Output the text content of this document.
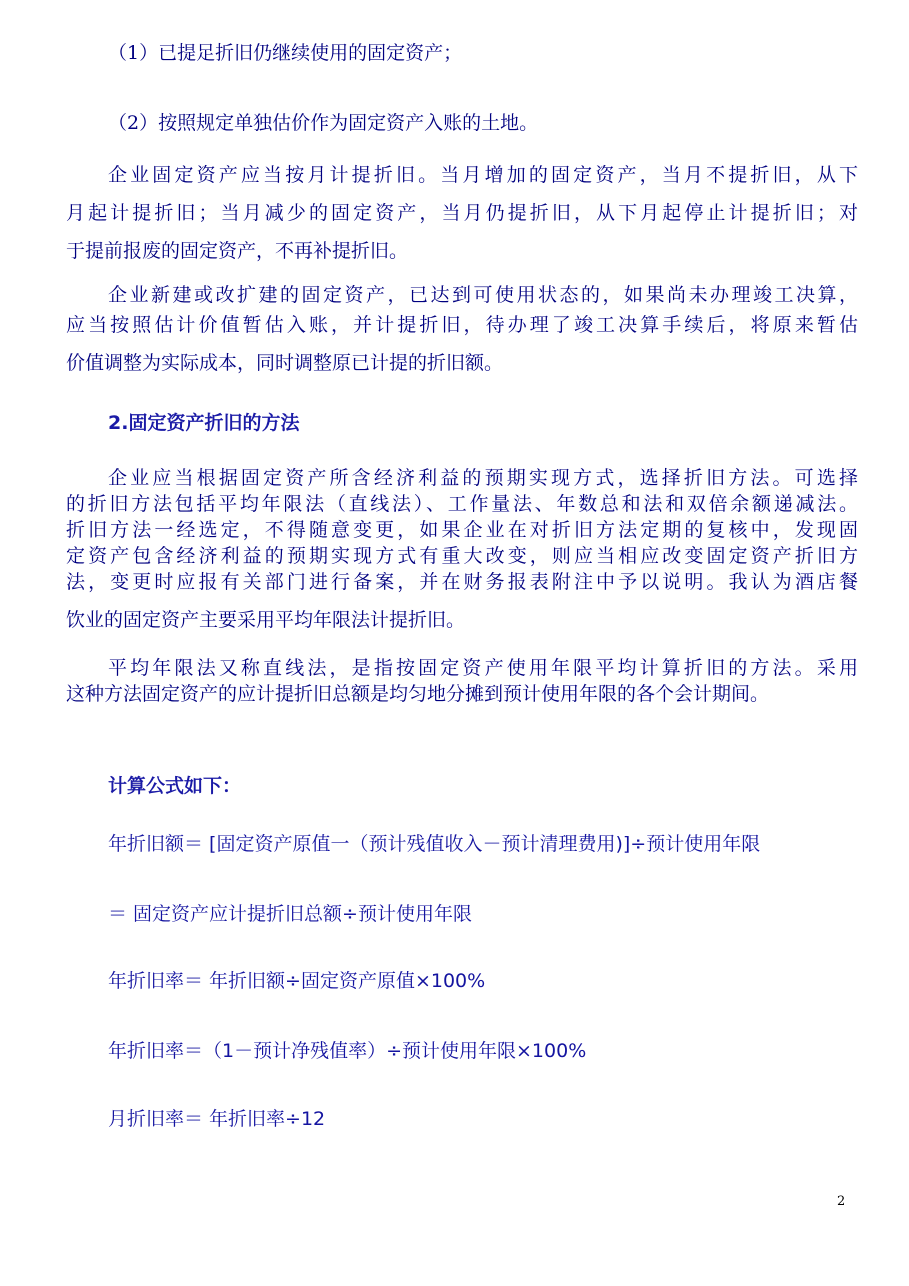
（1）已提足折旧仍继续使用的固定资产；
（2）按照规定单独估价作为固定资产入账的土地。
企业固定资产应当按月计提折旧。当月增加的固定资产，当月不提折旧，从下
月起计提折旧；当月减少的固定资产，当月仍提折旧，从下月起停止计提折旧；对
于提前报废的固定资产，不再补提折旧。
企业新建或改扩建的固定资产，已达到可使用状态的，如果尚未办理竣工决算，
应当按照估计价值暂估入账，并计提折旧，待办理了竣工决算手续后，将原来暂估
价值调整为实际成本，同时调整原已计提的折旧额。
2.固定资产折旧的方法
企业应当根据固定资产所含经济利益的预期实现方式，选择折旧方法。可选择
的折旧方法包括平均年限法（直线法）、工作量法、年数总和法和双倍余额递减法。
折旧方法一经选定，不得随意变更，如果企业在对折旧方法定期的复核中，发现固
定资产包含经济利益的预期实现方式有重大改变，则应当相应改变固定资产折旧方
法，变更时应报有关部门进行备案，并在财务报表附注中予以说明。我认为酒店餐
饮业的固定资产主要采用平均年限法计提折旧。
平均年限法又称直线法，是指按固定资产使用年限平均计算折旧的方法。采用
这种方法固定资产的应计提折旧总额是均匀地分摊到预计使用年限的各个会计期间。
计算公式如下：
年折旧额＝ [固定资产原值一（预计残值收入－预计清理费用)]÷预计使用年限
＝ 固定资产应计提折旧总额÷预计使用年限
年折旧率＝ 年折旧额÷固定资产原值×100%
年折旧率＝（1－预计净残值率）÷预计使用年限×100%
月折旧率＝ 年折旧率÷12
2
